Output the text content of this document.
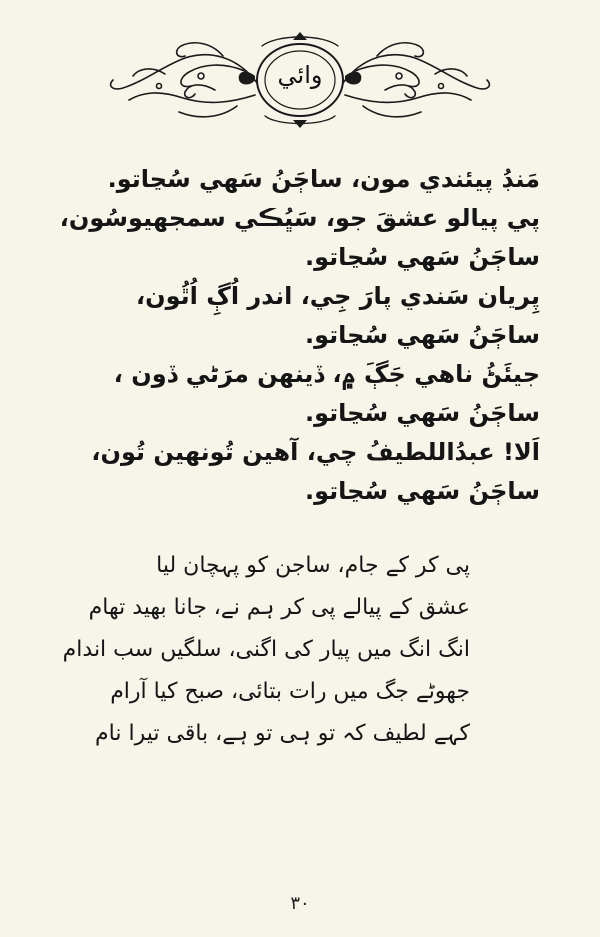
وائي
مَنڊُ پيئندي مون، ساڄَنُ سَهي سُڃاتو.
پي پيالو عشقَ جو، سَڀُڪي سمجهيوسُون،
ساڄَنُ سَهي سُڃاتو.
پِريان سَندي پارَ جِي، اندر اُڳِ اُٿُون،
ساڄَنُ سَهي سُڃاتو.
جيئَڻُ ناهي جَڳَ ۾، ڏينهن مرَڻي ڏون ،
ساڄَنُ سَهي سُڃاتو.
اَلا! عبدُاللطيفُ چي، آهين تُونهين تُون،
ساڄَنُ سَهي سُڃاتو.
پی کر کے جام، ساجن کو پہچان لیا
عشق کے پیالے پی کر ہم نے، جانا بھید تھام
انگ انگ میں پیار کی اگنی، سلگیں سب اندام
جھوٹے جگ میں رات بتائی، صبح کیا آرام
کہے لطیف کہ تو ہی تو ہے، باقی تیرا نام
۳۰
